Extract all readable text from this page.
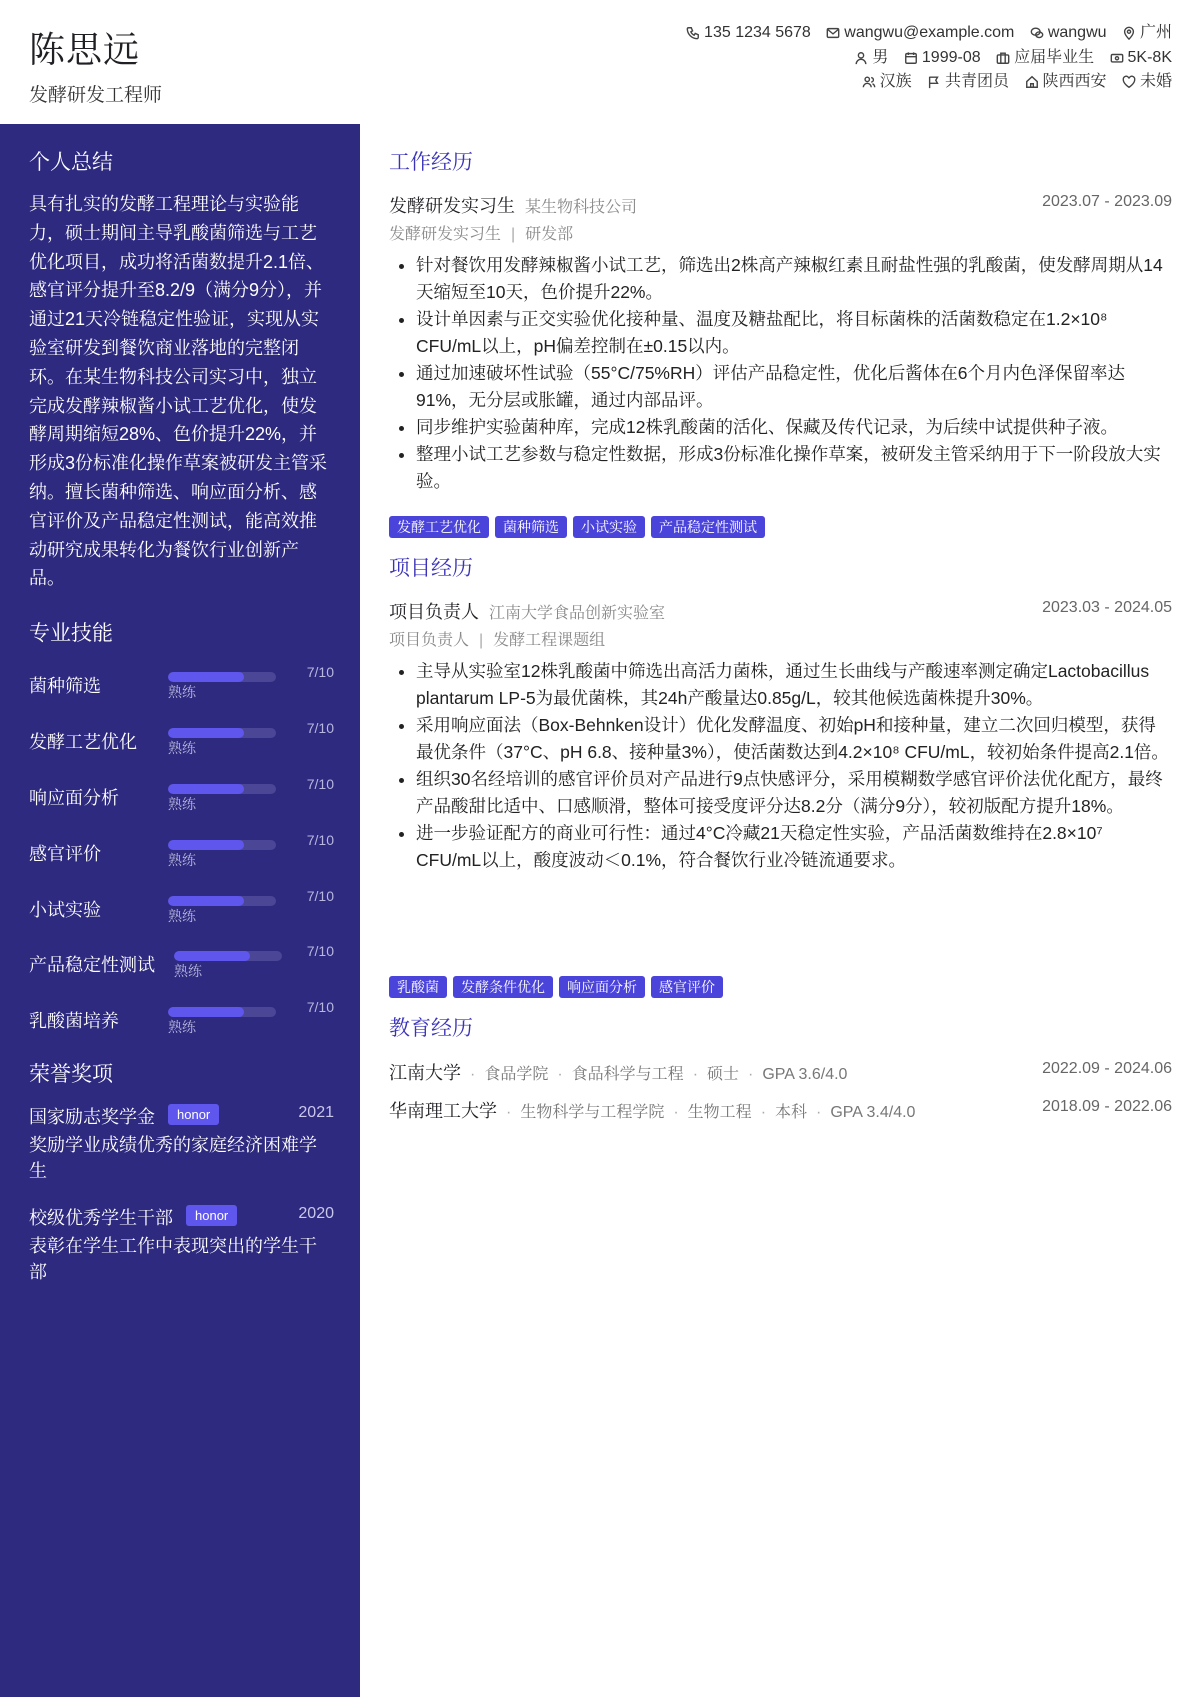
陈思远
发酵研发工程师
135 1234 5678
wangwu@example.com
wangwu
广州
男
1999-08
应届毕业生
5K-8K
汉族
共青团员
陕西西安
未婚
个人总结
具有扎实的发酵工程理论与实验能力，硕士期间主导乳酸菌筛选与工艺优化项目，成功将活菌数提升2.1倍、感官评分提升至8.2/9（满分9分），并通过21天冷链稳定性验证，实现从实验室研发到餐饮商业落地的完整闭环。在某生物科技公司实习中，独立完成发酵辣椒酱小试工艺优化，使发酵周期缩短28%、色价提升22%，并形成3份标准化操作草案被研发主管采纳。擅长菌种筛选、响应面分析、感官评价及产品稳定性测试，能高效推动研究成果转化为餐饮行业创新产品。
专业技能
菌种筛选	熟练
7/10
发酵工艺优化 熟练
7/10
响应面分析	熟练
7/10
感官评价	熟练
7/10
小试实验	熟练
7/10
产品稳定性测试 熟练
7/10
乳酸菌培养	熟练
7/10
荣誉奖项
国家励志奖学金	honor	2021
奖励学业成绩优秀的家庭经济困难学生
校级优秀学生干部	honor	2020
表彰在学生工作中表现突出的学生干部
工作经历
发酵研发实习生 某生物科技公司	2023.07 - 2023.09
发酵研发实习生 | 研发部
• 针对餐饮用发酵辣椒酱小试工艺，筛选出2株高产辣椒红素且耐盐性强的乳酸菌，使发酵周期从14天缩短至10天，色价提升22%。
• 设计单因素与正交实验优化接种量、温度及糖盐配比，将目标菌株的活菌数稳定在1.2×10⁸ CFU/mL以上，pH偏差控制在±0.15以内。
• 通过加速破坏性试验（55°C/75%RH）评估产品稳定性，优化后酱体在6个月内色泽保留率达91%，无分层或胀罐，通过内部品评。
• 同步维护实验菌种库，完成12株乳酸菌的活化、保藏及传代记录，为后续中试提供种子液。
• 整理小试工艺参数与稳定性数据，形成3份标准化操作草案，被研发主管采纳用于下一阶段放大实验。
发酵工艺优化	菌种筛选	小试实验	产品稳定性测试
项目经历
项目负责人 江南大学食品创新实验室	2023.03 - 2024.05
项目负责人 | 发酵工程课题组
• 主导从实验室12株乳酸菌中筛选出高活力菌株，通过生长曲线与产酸速率测定确定Lactobacillus plantarum LP-5为最优菌株，其24h产酸量达0.85g/L，较其他候选菌株提升30%。
• 采用响应面法（Box-Behnken设计）优化发酵温度、初始pH和接种量，建立二次回归模型，获得最优条件（37°C、pH 6.8、接种量3%），使活菌数达到4.2×10⁸ CFU/mL，较初始条件提高2.1倍。
• 组织30名经培训的感官评价员对产品进行9点快感评分，采用模糊数学感官评价法优化配方，最终产品酸甜比适中、口感顺滑，整体可接受度评分达8.2分（满分9分），较初版配方提升18%。
• 进一步验证配方的商业可行性：通过4°C冷藏21天稳定性实验，产品活菌数维持在2.8×10⁷ CFU/mL以上，酸度波动＜0.1%，符合餐饮行业冷链流通要求。
乳酸菌	发酵条件优化	响应面分析	感官评价
教育经历
江南大学 · 食品学院 · 食品科学与工程 · 硕士 · GPA 3.6/4.0	2022.09 - 2024.06
华南理工大学 · 生物科学与工程学院 · 生物工程 · 本科 · GPA 3.4/4.0	2018.09 - 2022.06
